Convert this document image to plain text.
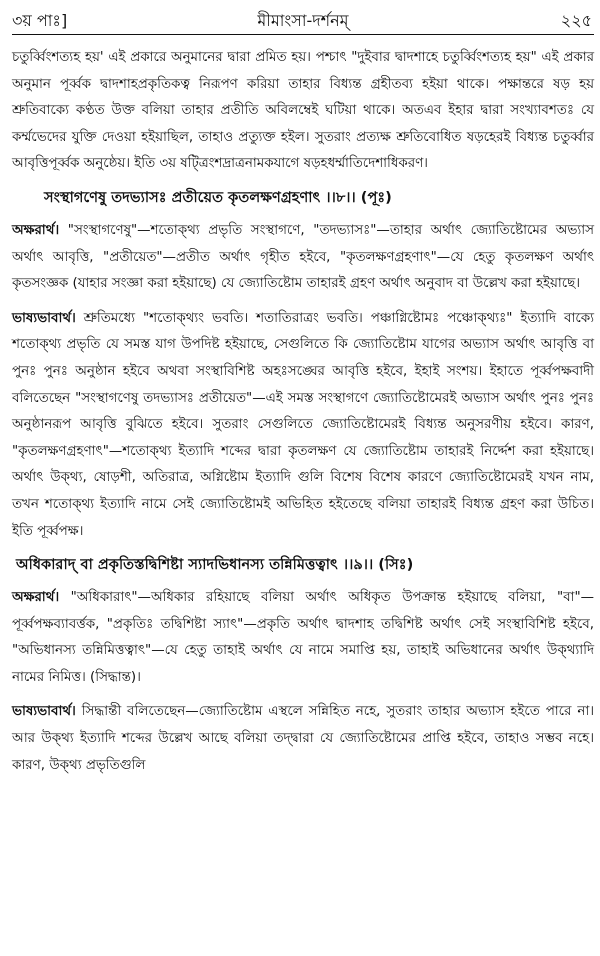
৩য় পাঃ]	মীমাংসা-দর্শনম্	২২৫

চতুর্ব্বিংশত্যহ হয়' এই প্রকারে অনুমানের দ্বারা প্রমিত হয়। পশ্চাৎ "দুইবার দ্বাদশাহে চতুর্ব্বিংশত্যহ হয়" এই প্রকার অনুমান পূর্ব্বক দ্বাদশাহপ্রকৃতিকত্ব নিরূপণ করিয়া তাহার বিধ্যন্ত গ্রহীতব্য হইয়া থাকে। পক্ষান্তরে ষড় হয় শ্রুতিবাক্যে কণ্ঠত উক্ত বলিয়া তাহার প্রতীতি অবিলম্বেই ঘটিয়া থাকে। অতএব ইহার দ্বারা সংখ্যাবশতঃ যে কর্ম্মভেদের যুক্তি দেওয়া হইয়াছিল, তাহাও প্রত্যুক্ত হইল। সুতরাং প্রত্যক্ষ শ্রুতিবোধিত ষড়হেরই বিধ্যন্ত চতুর্ব্বার আবৃত্তিপূর্ব্বক অনুষ্ঠেয়। ইতি ৩য় ষট্ত্রিংশদ্রাত্রনামকযাগে ষড়হধর্ম্মাতিদেশাধিকরণ।

সংস্থাগণেষু তদভ্যাসঃ প্রতীয়েত কৃতলক্ষণগ্রহণাৎ ।।৮।। (পূঃ)

অক্ষরার্থ। "সংস্থাগণেষু"—শতোক্থ্য প্রভৃতি সংস্থাগণে, "তদভ্যাসঃ"—তাহার অর্থাৎ জ্যোতিষ্টোমের অভ্যাস অর্থাৎ আবৃত্তি, "প্রতীয়েত"—প্রতীত অর্থাৎ গৃহীত হইবে, "কৃতলক্ষণগ্রহণাৎ"—যে হেতু কৃতলক্ষণ অর্থাৎ কৃতসংজ্ঞক (যাহার সংজ্ঞা করা হইয়াছে) যে জ্যোতিষ্টোম তাহারই গ্রহণ অর্থাৎ অনুবাদ বা উল্লেখ করা হইয়াছে।

ভাষ্যভাবার্থ। শ্রুতিমধ্যে "শতোক্থ্যং ভবতি। শতাতিরাত্রং ভবতি। পঞ্চাগ্নিষ্টোমঃ পঞ্চোক্থ্যঃ" ইত্যাদি বাক্যে শতোক্থ্য প্রভৃতি যে সমস্ত যাগ উপদিষ্ট হইয়াছে, সেগুলিতে কি জ্যোতিষ্টোম যাগের অভ্যাস অর্থাৎ আবৃত্তি বা পুনঃ পুনঃ অনুষ্ঠান হইবে অথবা সংস্থাবিশিষ্ট অহঃসঙ্ঘের আবৃত্তি হইবে, ইহাই সংশয়। ইহাতে পূর্ব্বপক্ষবাদী বলিতেছেন "সংস্থাগণেষু তদভ্যাসঃ প্রতীয়েত"—এই সমস্ত সংস্থাগণে জ্যোতিষ্টোমেরই অভ্যাস অর্থাৎ পুনঃ পুনঃ অনুষ্ঠানরূপ আবৃত্তি বুঝিতে হইবে। সুতরাং সেগুলিতে জ্যোতিষ্টোমেরই বিধ্যন্ত অনুসরণীয় হইবে। কারণ, "কৃতলক্ষণগ্রহণাৎ"—শতোক্থ্য ইত্যাদি শব্দের দ্বারা কৃতলক্ষণ যে জ্যোতিষ্টোম তাহারই নির্দ্দেশ করা হইয়াছে। অর্থাৎ উক্থ্য, ষোড়শী, অতিরাত্র, অগ্নিষ্টোম ইত্যাদি গুলি বিশেষ বিশেষ কারণে জ্যোতিষ্টোমেরই যখন নাম, তখন শতোক্থ্য ইত্যাদি নামে সেই জ্যোতিষ্টোমই অভিহিত হইতেছে বলিয়া তাহারই বিধ্যন্ত গ্রহণ করা উচিত। ইতি পূর্ব্বপক্ষ।

অধিকারাদ্ বা প্রকৃতিস্তদ্বিশিষ্টা স্যাদভিধানস্য তন্নিমিত্তত্বাৎ ।।৯।। (সিঃ)

অক্ষরার্থ। "অধিকারাৎ"—অধিকার রহিয়াছে বলিয়া অর্থাৎ অধিকৃত উপক্রান্ত হইয়াছে বলিয়া, "বা"—পূর্ব্বপক্ষব্যাবর্ত্তক, "প্রকৃতিঃ তদ্বিশিষ্টা স্যাৎ"—প্রকৃতি অর্থাৎ দ্বাদশাহ তদ্বিশিষ্ট অর্থাৎ সেই সংস্থাবিশিষ্ট হইবে, "অভিধানস্য তন্নিমিত্তত্বাৎ"—যে হেতু তাহাই অর্থাৎ যে নামে সমাপ্তি হয়, তাহাই অভিধানের অর্থাৎ উক্থ্যাদি নামের নিমিত্ত। (সিদ্ধান্ত)।

ভাষ্যভাবার্থ। সিদ্ধান্তী বলিতেছেন—জ্যোতিষ্টোম এস্থলে সন্নিহিত নহে, সুতরাং তাহার অভ্যাস হইতে পারে না। আর উক্থ্য ইত্যাদি শব্দের উল্লেখ আছে বলিয়া তদ্দ্বারা যে জ্যোতিষ্টোমের প্রাপ্তি হইবে, তাহাও সম্ভব নহে। কারণ, উক্থ্য প্রভৃতিগুলি
